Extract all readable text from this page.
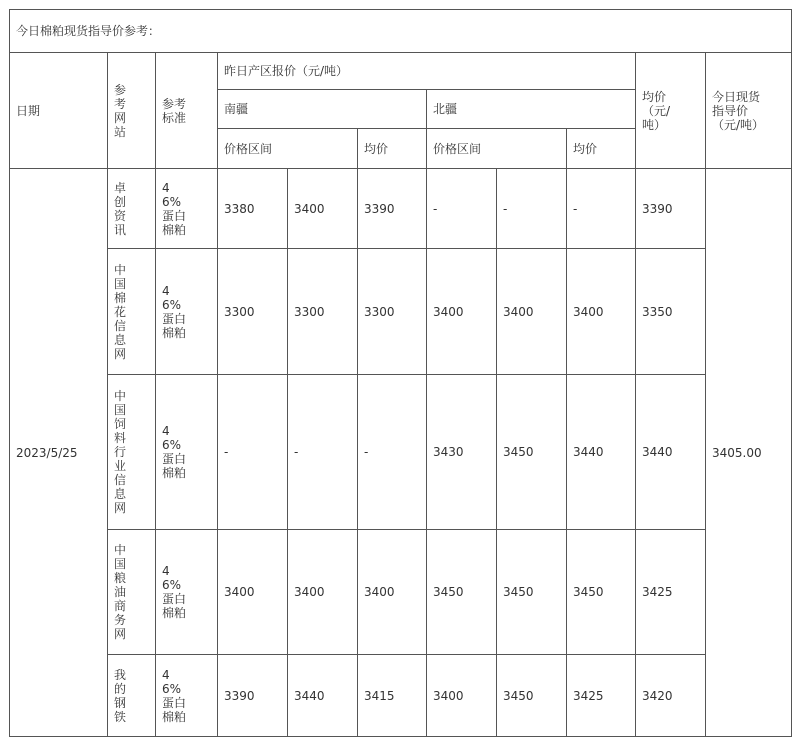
今日棉粕现货指导价参考：										
日期	参考网站	参考标准	昨日产区报价（元/吨）						均价（元/吨）	今日现货指导价（元/吨）
			南疆			北疆				
			价格区间		均价	价格区间		均价		
2023/5/25	卓创资讯	46%蛋白棉粕	3380	3400	3390	-	-	-	3390	3405.00
	中国棉花信息网	46%蛋白棉粕	3300	3300	3300	3400	3400	3400	3350	
	中国饲料行业信息网	46%蛋白棉粕	-	-	-	3430	3450	3440	3440	
	中国粮油商务网	46%蛋白棉粕	3400	3400	3400	3450	3450	3450	3425	
	我的钢铁	46%蛋白棉粕	3390	3440	3415	3400	3450	3425	3420	
